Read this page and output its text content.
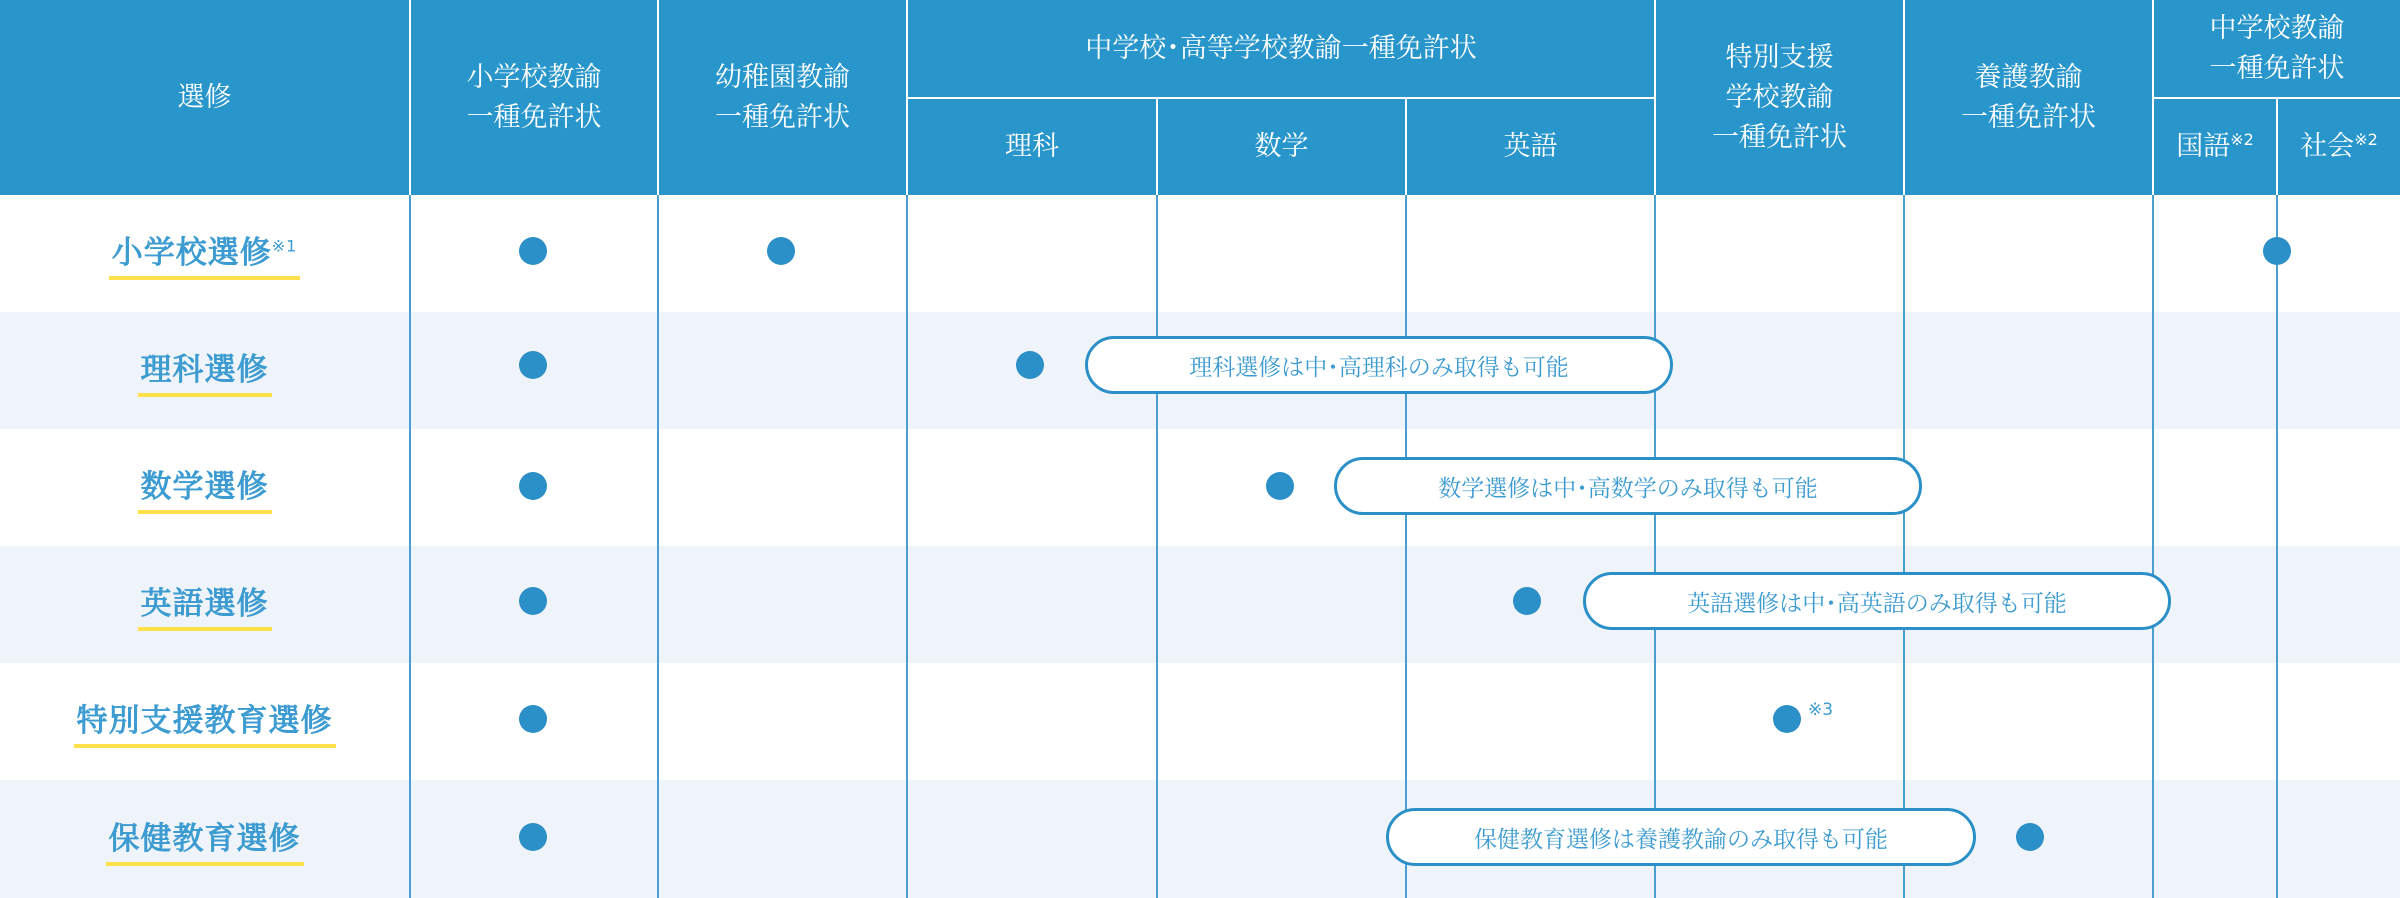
選修
小学校教諭
一種免許状
幼稚園教諭
一種免許状
中学校･高等学校教諭一種免許状
理科	数学	英語
特別支援
学校教諭
一種免許状
養護教諭
一種免許状
中学校教諭
一種免許状
国語$^{※2}$ 社会$^{※2}$
小学校選修$^{※1}$
理科選修
数学選修
英語選修
特別支援教育選修
保健教育選修
理科選修は中･高理科のみ取得も可能
数学選修は中･高数学のみ取得も可能
英語選修は中･高英語のみ取得も可能
※3
保健教育選修は養護教諭のみ取得も可能
